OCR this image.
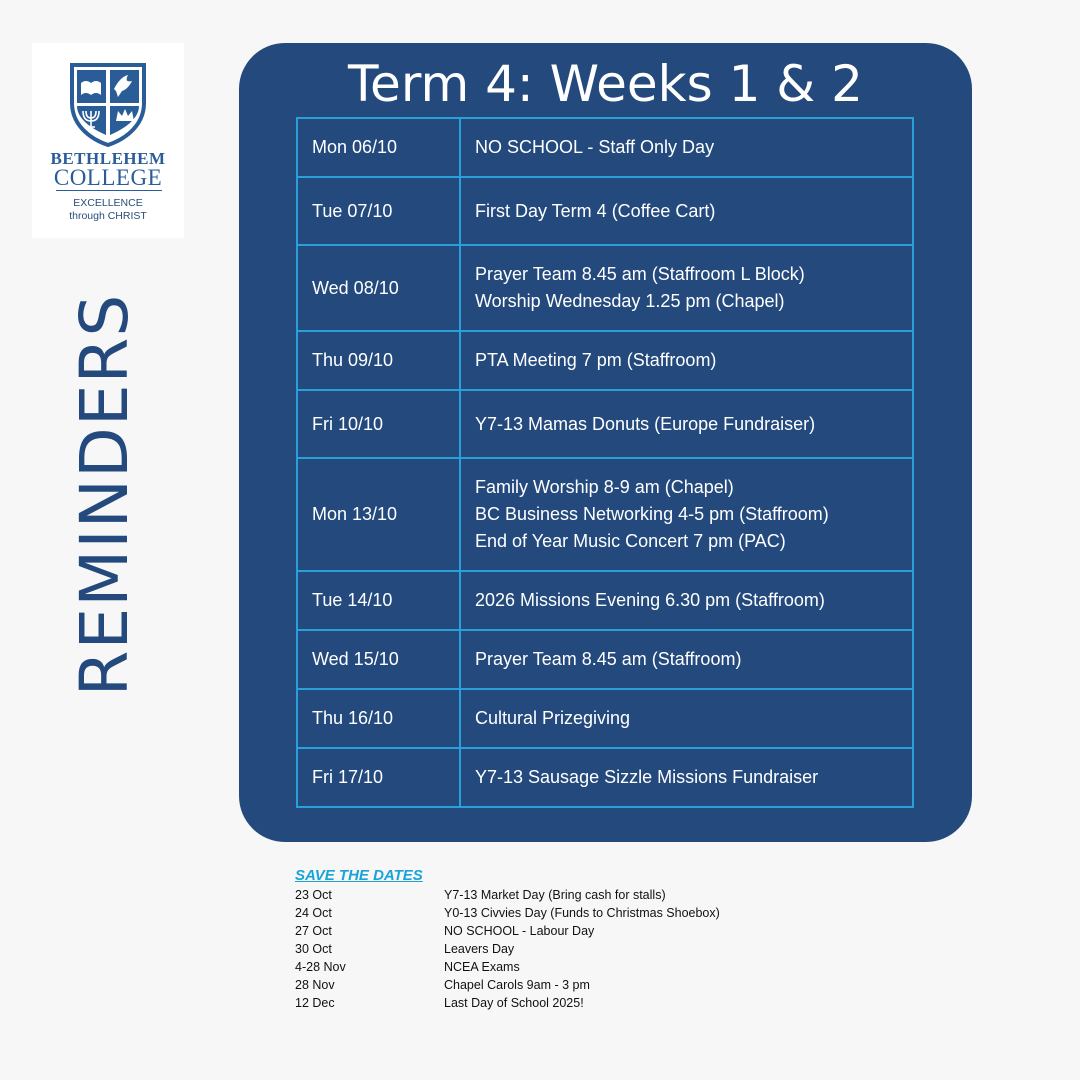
BETHLEHEM
COLLEGE
EXCELLENCE
through CHRIST
REMINDERS
Term 4: Weeks 1 & 2
Mon 06/10	NO SCHOOL - Staff Only Day

Tue 07/10	First Day Term 4 (Coffee Cart)

Wed 08/10	Prayer Team 8.45 am (Staffroom L Block)
Worship Wednesday 1.25 pm (Chapel)

Thu 09/10	PTA Meeting 7 pm (Staffroom)

Fri 10/10	Y7-13 Mamas Donuts (Europe Fundraiser)

Mon 13/10	Family Worship 8-9 am (Chapel)
BC Business Networking 4-5 pm (Staffroom)
End of Year Music Concert 7 pm (PAC)

Tue 14/10	2026 Missions Evening 6.30 pm (Staffroom)

Wed 15/10	Prayer Team 8.45 am (Staffroom)

Thu 16/10	Cultural Prizegiving

Fri 17/10	Y7-13 Sausage Sizzle Missions Fundraiser
SAVE THE DATES
23 Oct	Y7-13 Market Day (Bring cash for stalls)
24 Oct	Y0-13 Civvies Day (Funds to Christmas Shoebox)
27 Oct	NO SCHOOL - Labour Day
30 Oct	Leavers Day
4-28 Nov	NCEA Exams
28 Nov	Chapel Carols 9am - 3 pm
12 Dec	Last Day of School 2025!
